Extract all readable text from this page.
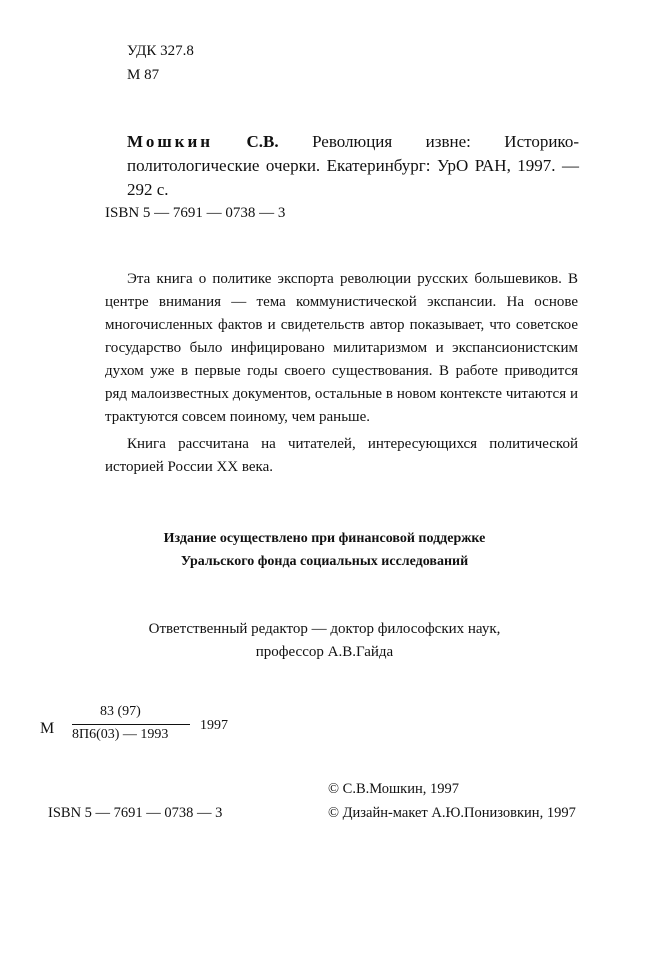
УДК 327.8
М 87
Мошкин С.В. Революция извне: Историко-политологические очерки. Екатеринбург: УрО РАН, 1997. — 292 с.
ISBN 5 — 7691 — 0738 — 3

Эта книга о политике экспорта революции русских большевиков. В центре внимания — тема коммунистической экспансии. На основе многочисленных фактов и свидетельств автор показывает, что советское государство было инфицировано милитаризмом и экспансионистским духом уже в первые годы своего существования. В работе приводится ряд малоизвестных документов, остальные в новом контексте читаются и трактуются совсем поиному, чем раньше.

Книга рассчитана на читателей, интересующихся политической историей России XX века.

Издание осуществлено при финансовой поддержке
Уральского фонда социальных исследований
Ответственный редактор — доктор философских наук,
профессор А.В.Гайда
М
83 (97)
8П6(03) — 1993
1997
© С.В.Мошкин, 1997
ISBN 5 — 7691 — 0738 — 3	© Дизайн-макет А.Ю.Понизовкин, 1997
